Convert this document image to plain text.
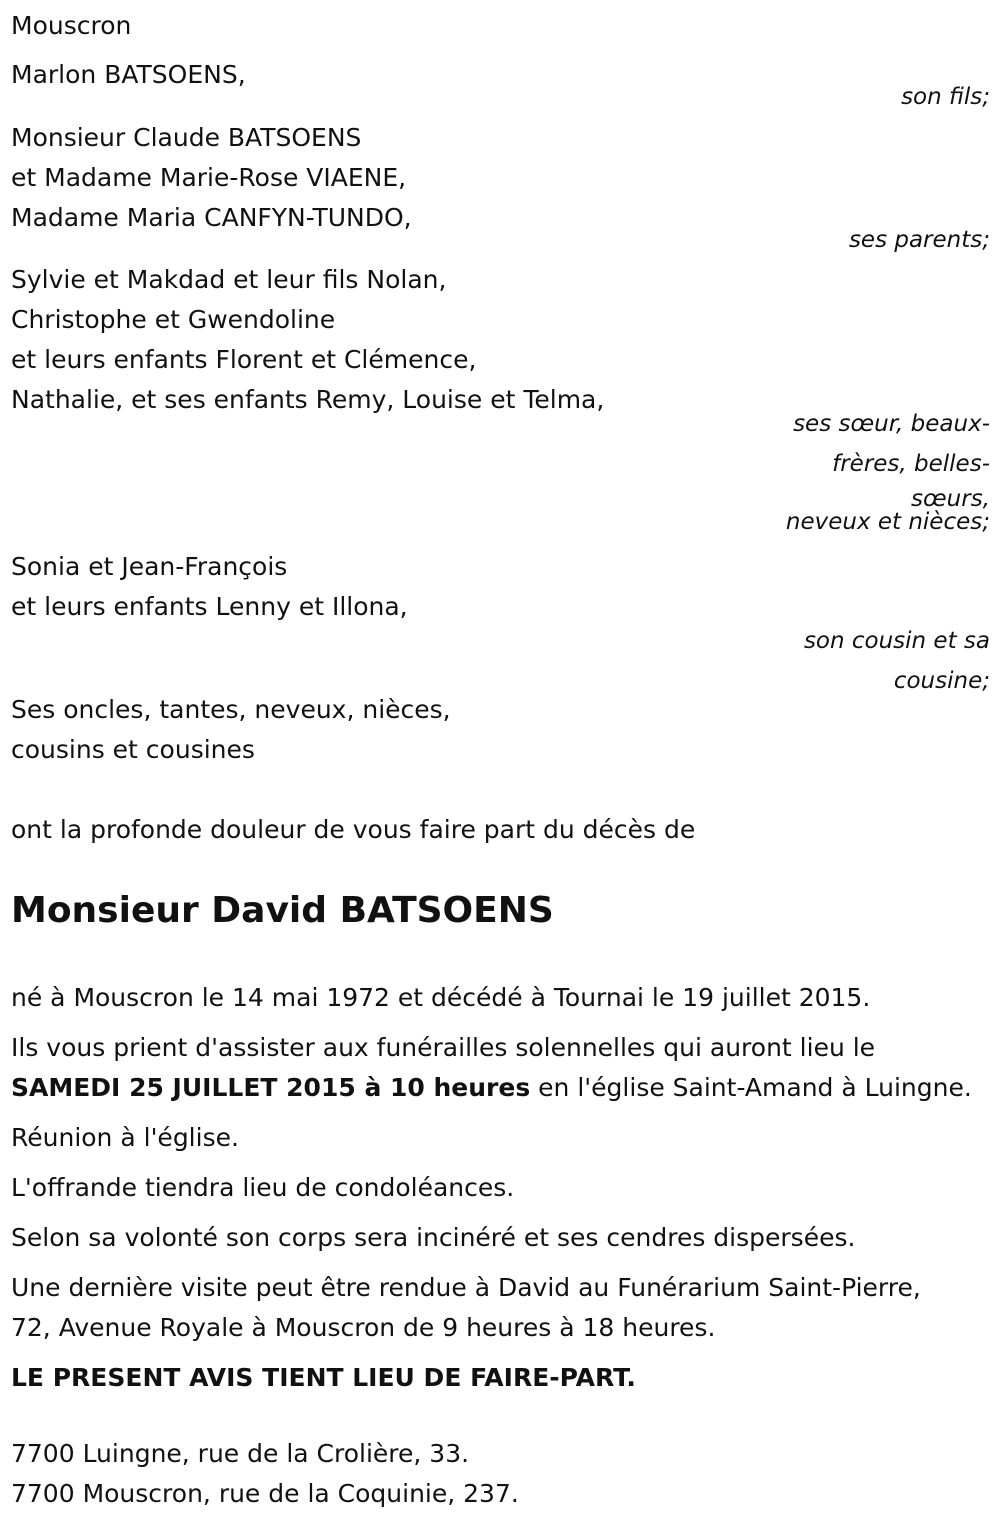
Mouscron
Marlon BATSOENS,
son fils;
Monsieur Claude BATSOENS
et Madame Marie-Rose VIAENE,
Madame Maria CANFYN-TUNDO,
ses parents;
Sylvie et Makdad et leur fils Nolan,
Christophe et Gwendoline
et leurs enfants Florent et Clémence,
Nathalie, et ses enfants Remy, Louise et Telma,
ses sœur, beaux-
frères, belles-
sœurs,
neveux et nièces;
Sonia et Jean-François
et leurs enfants Lenny et Illona,
son cousin et sa
cousine;
Ses oncles, tantes, neveux, nièces,
cousins et cousines
ont la profonde douleur de vous faire part du décès de
Monsieur David BATSOENS
né à Mouscron le 14 mai 1972 et décédé à Tournai le 19 juillet 2015.
Ils vous prient d'assister aux funérailles solennelles qui auront lieu le
SAMEDI 25 JUILLET 2015 à 10 heures en l'église Saint-Amand à Luingne.
Réunion à l'église.
L'offrande tiendra lieu de condoléances.
Selon sa volonté son corps sera incinéré et ses cendres dispersées.
Une dernière visite peut être rendue à David au Funérarium Saint-Pierre,
72, Avenue Royale à Mouscron de 9 heures à 18 heures.
LE PRESENT AVIS TIENT LIEU DE FAIRE-PART.
7700 Luingne, rue de la Crolière, 33.
7700 Mouscron, rue de la Coquinie, 237.
